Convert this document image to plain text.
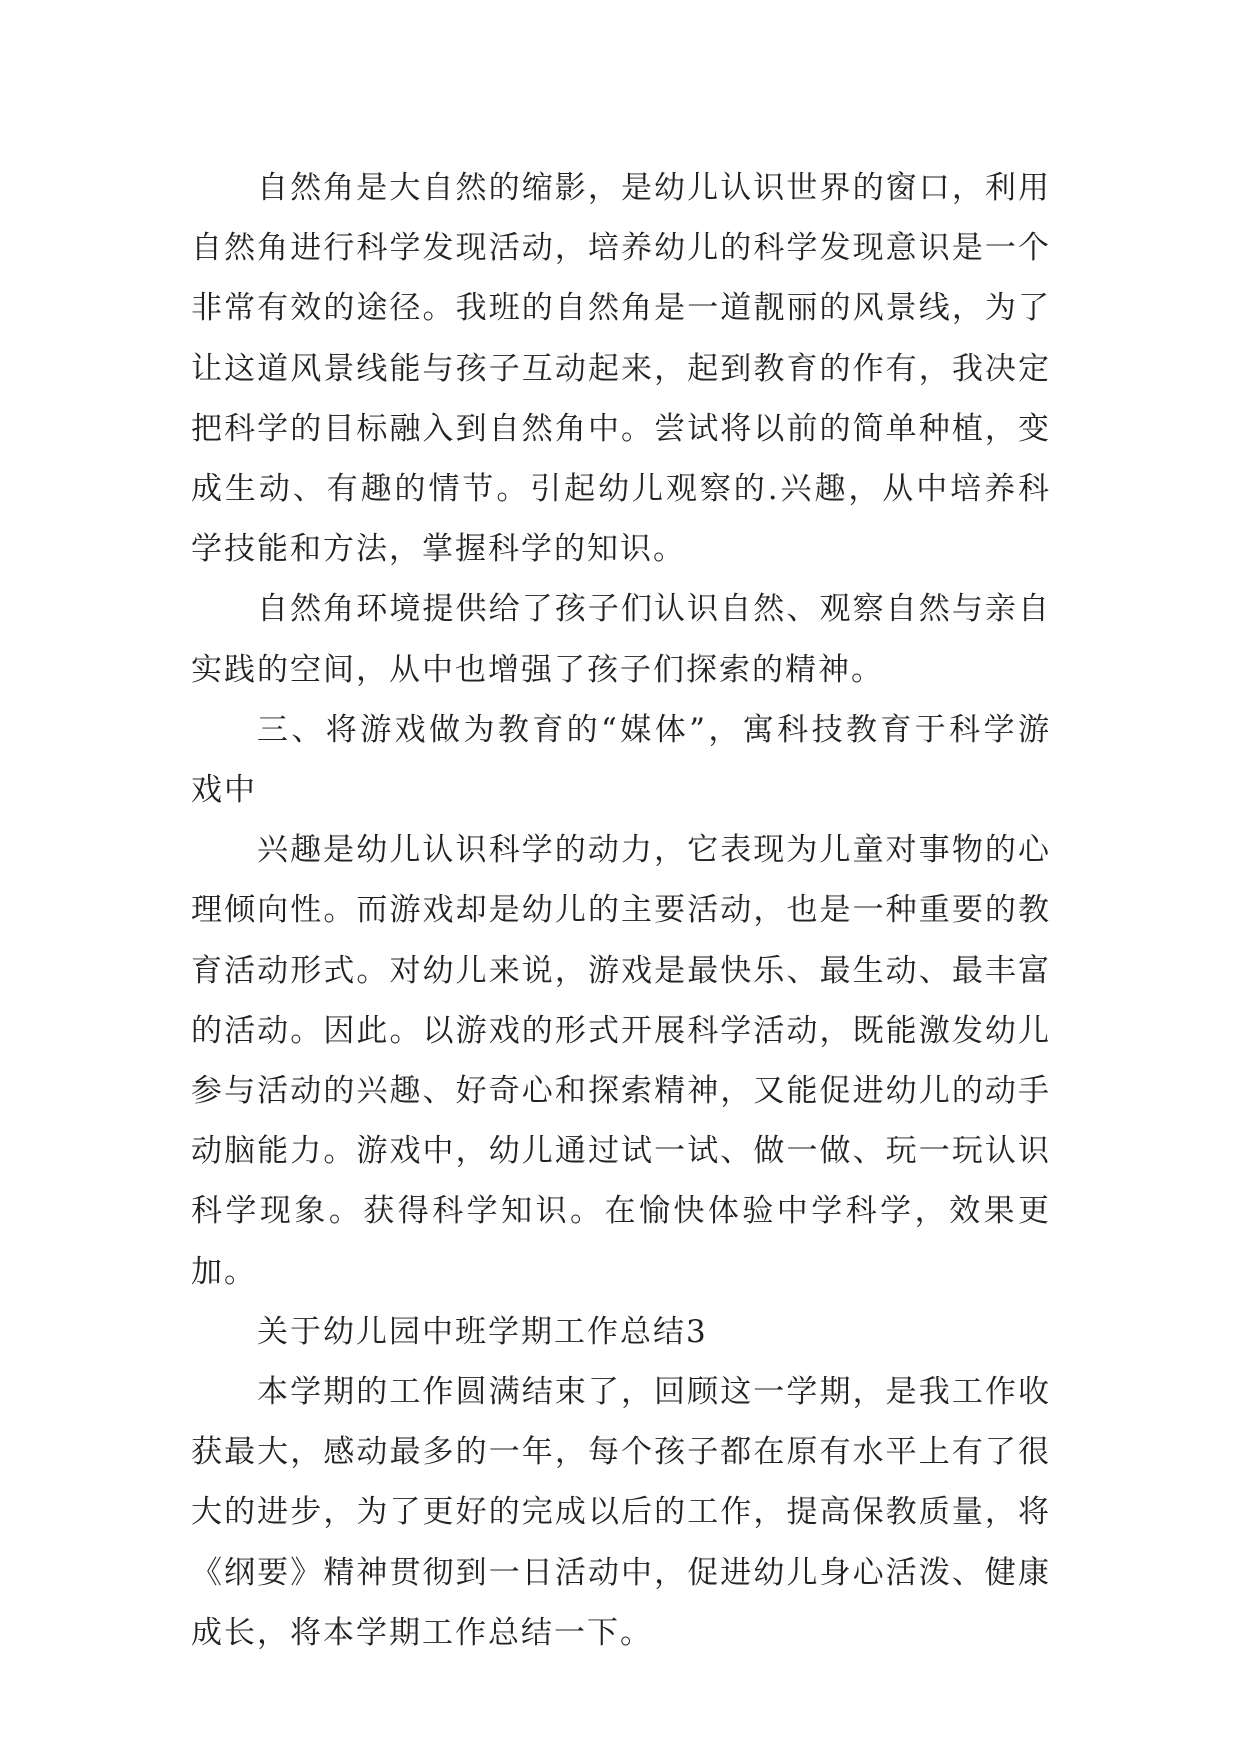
自然角是大自然的缩影，是幼儿认识世界的窗口，利用自然角进行科学发现活动，培养幼儿的科学发现意识是一个非常有效的途径。我班的自然角是一道靓丽的风景线，为了让这道风景线能与孩子互动起来，起到教育的作有，我决定把科学的目标融入到自然角中。尝试将以前的简单种植，变成生动、有趣的情节。引起幼儿观察的.兴趣，从中培养科学技能和方法，掌握科学的知识。

自然角环境提供给了孩子们认识自然、观察自然与亲自实践的空间，从中也增强了孩子们探索的精神。

三、将游戏做为教育的“媒体”，寓科技教育于科学游戏中

兴趣是幼儿认识科学的动力，它表现为儿童对事物的心理倾向性。而游戏却是幼儿的主要活动，也是一种重要的教育活动形式。对幼儿来说，游戏是最快乐、最生动、最丰富的活动。因此。以游戏的形式开展科学活动，既能激发幼儿参与活动的兴趣、好奇心和探索精神，又能促进幼儿的动手动脑能力。游戏中，幼儿通过试一试、做一做、玩一玩认识科学现象。获得科学知识。在愉快体验中学科学，效果更加。

关于幼儿园中班学期工作总结3

本学期的工作圆满结束了，回顾这一学期，是我工作收获最大，感动最多的一年，每个孩子都在原有水平上有了很大的进步，为了更好的完成以后的工作，提高保教质量，将《纲要》精神贯彻到一日活动中，促进幼儿身心活泼、健康成长，将本学期工作总结一下。
